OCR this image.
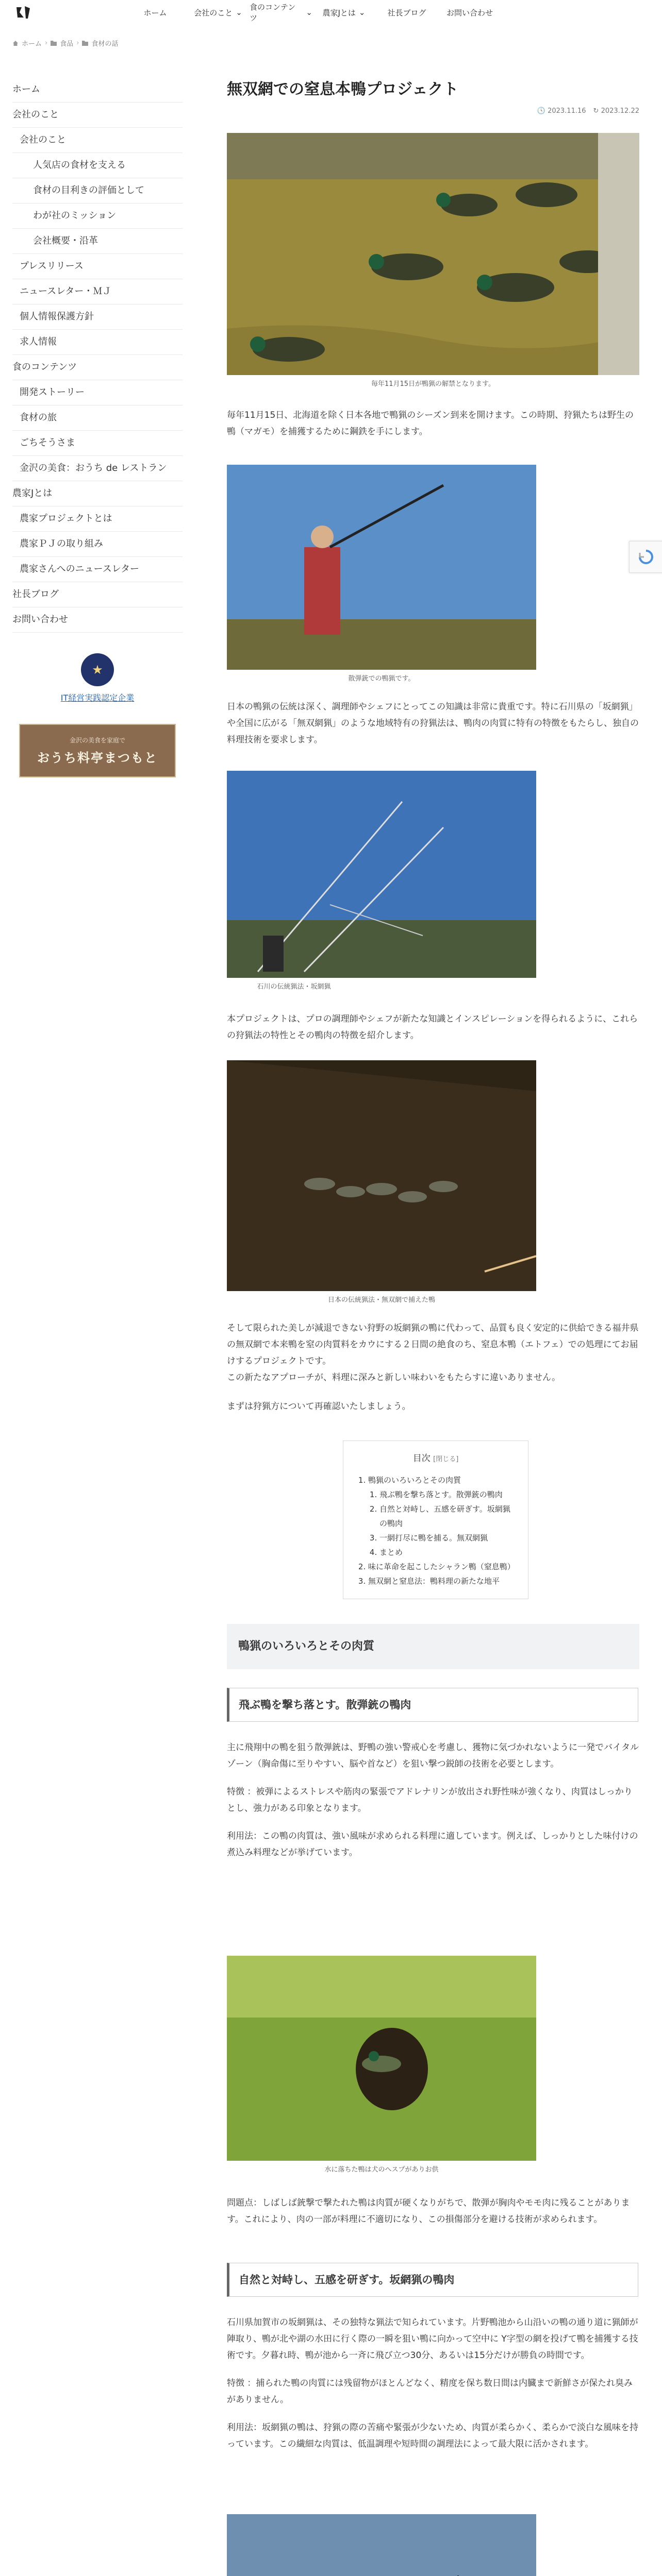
ホーム	会社のこと ⌄
食のコンテンツ
⌄ 農家Jとは ⌄	社長ブログ	お問い合わせ
ホーム › 食品 › 食材の話
ホーム
会社のこと
会社のこと
人気店の食材を支える
食材の目利きの評価として
わが社のミッション
会社概要・沿革
プレスリリース
ニュースレター・ＭＪ
個人情報保護方針
求人情報
食のコンテンツ
開発ストーリー
食材の旅
ごちそうさま
金沢の美食：おうち de レストラン
農家Jとは
農家プロジェクトとは
農家ＰＪの取り組み
農家さんへのニュースレター
社長ブログ
お問い合わせ
★
IT経営実践認定企業
金沢の美食を家庭で
おうち料亭まつもと
無双網での窒息本鴨プロジェクト
🕓 2023.11.16 ↻ 2023.12.22
毎年11月15日が鴨猟の解禁となります。

毎年11月15日、北海道を除く日本各地で鴨猟のシーズン到来を開けます。この時期、狩猟たちは野生の鴨（マガモ）を捕獲するために鋼鉄を手にします。

散弾銃での鴨猟です。

日本の鴨猟の伝統は深く、調理師やシェフにとってこの知識は非常に貴重です。特に石川県の「坂網猟」や全国に広がる「無双網猟」のような地域特有の狩猟法は、鴨肉の肉質に特有の特徴をもたらし、独自の料理技術を要求します。

石川の伝統猟法・坂網猟

本プロジェクトは、プロの調理師やシェフが新たな知識とインスピレーションを得られるように、これらの狩猟法の特性とその鴨肉の特徴を紹介します。

日本の伝統猟法・無双網で捕えた鴨

そして限られた美しが減退できない狩野の坂網猟の鴨に代わって、品質も良く安定的に供給できる福井県の無双網で本来鴨を窒の肉質料をカウにする２日間の絶食のち、窒息本鴨（エトフェ）での処理にてお届けするプロジェクトです。

この新たなアプローチが、料理に深みと新しい味わいをもたらすに違いありません。

まずは狩猟方について再確認いたしましょう。

目次 [閉じる]
1. 鴨猟のいろいろとその肉質
1. 飛ぶ鴨を撃ち落とす。散弾銃の鴨肉
2. 自然と対峙し、五感を研ぎす。坂網猟の鴨肉
3. 一網打尽に鴨を捕る。無双網猟
4. まとめ
2. 味に革命を起こしたシャラン鴨（窒息鴨）
3. 無双網と窒息法：鴨料理の新たな地平
鴨猟のいろいろとその肉質
飛ぶ鴨を撃ち落とす。散弾銃の鴨肉

主に飛翔中の鴨を狙う散弾銃は、野鴨の強い警戒心を考慮し、獲物に気づかれないように一発でバイタルゾーン（胸命傷に至りやすい、脳や首など）を狙い撃つ鋭師の技術を必要とします。

特徴 ：被弾によるストレスや筋肉の緊張でアドレナリンが放出され野性味が強くなり、肉質はしっかりとし、強力がある印象となります。

利用法：この鴨の肉質は、強い風味が求められる料理に適しています。例えば、しっかりとした味付けの煮込み料理などが挙げています。

水に落ちた鴨は犬のへスプがありお供

問題点：しばしば銃撃で撃たれた鴨は肉質が硬くなりがちで、散弾が胸肉やモモ肉に残ることがあります。これにより、肉の一部が料理に不適切になり、この損傷部分を避ける技術が求められます。

自然と対峙し、五感を研ぎす。坂網猟の鴨肉

石川県加賀市の坂網猟は、その独特な猟法で知られています。片野鴨池から山沿いの鴨の通り道に猟師が陣取り、鴨が北や湖の水田に行く際の一瞬を狙い鴨に向かって空中に Y字型の網を投げて鴨を捕獲する技術です。夕暮れ時、鴨が池から一斉に飛び立つ30分、あるいは15分だけが勝負の時間です。

特徴 ：捕られた鴨の肉質には残留物がほとんどなく、精度を保ち数日間は内臓まで新鮮さが保たれ臭みがありません。

利用法：坂網猟の鴨は、狩猟の際の苦痛や緊張が少ないため、肉質が柔らかく、柔らかで淡白な風味を持っています。この繊細な肉質は、低温調理や短時間の調理法によって最大限に活かされます。
